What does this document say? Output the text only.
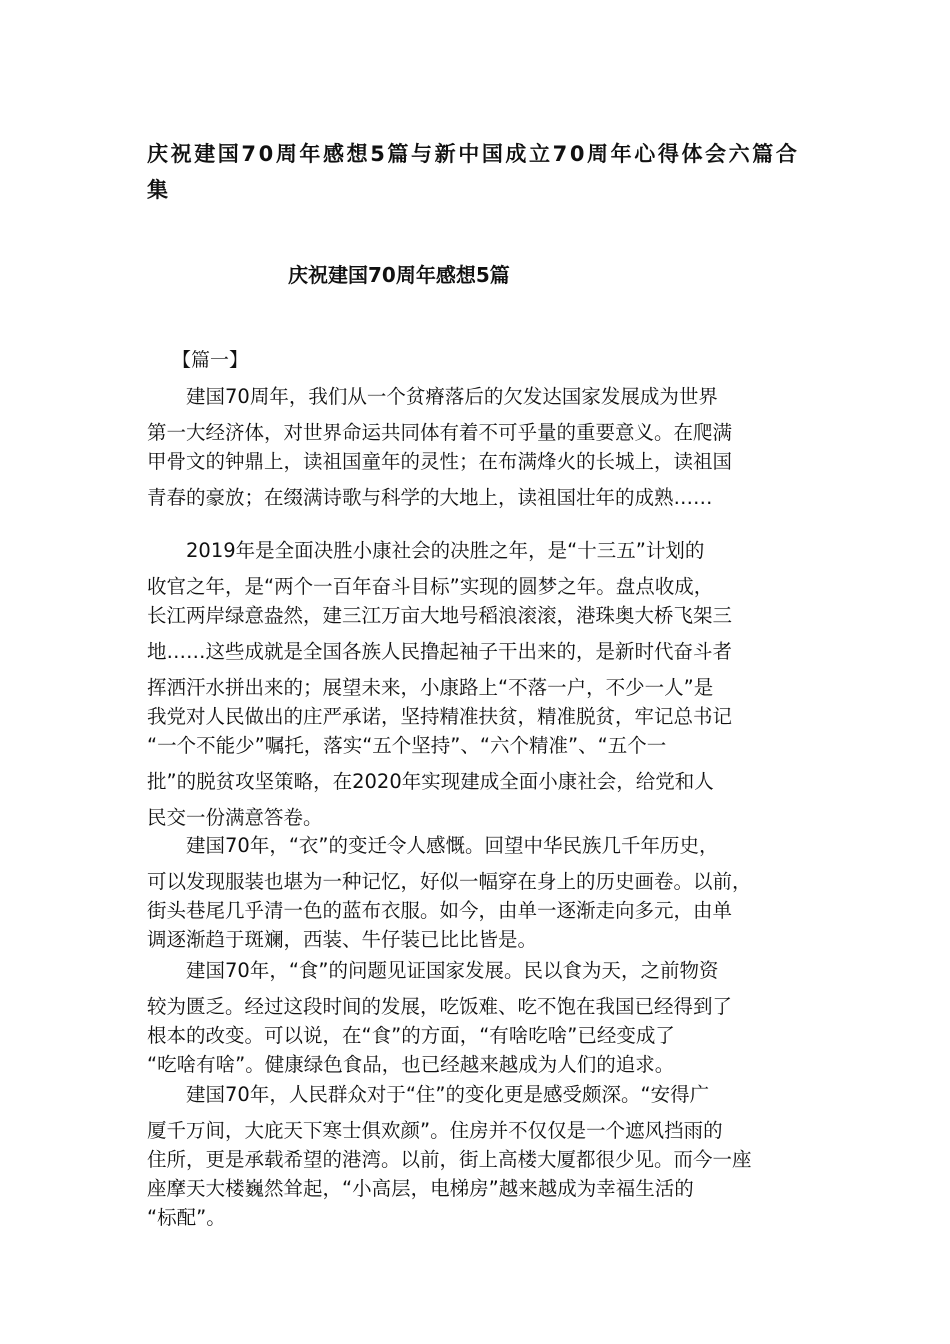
庆祝建国70周年感想5篇与新中国成立70周年心得体会六篇合集
庆祝建国70周年感想5篇
【篇一】

　　建国70周年，我们从一个贫瘠落后的欠发达国家发展成为世界
第一大经济体，对世界命运共同体有着不可乎量的重要意义。在爬满
甲骨文的钟鼎上，读祖国童年的灵性；在布满烽火的长城上，读祖国
青春的豪放；在缀满诗歌与科学的大地上，读祖国壮年的成熟……

　　2019年是全面决胜小康社会的决胜之年，是“十三五”计划的
收官之年，是“两个一百年奋斗目标”实现的圆梦之年。盘点收成，
长江两岸绿意盎然，建三江万亩大地号稻浪滚滚，港珠奥大桥飞架三
地……这些成就是全国各族人民撸起袖子干出来的，是新时代奋斗者
挥洒汗水拼出来的；展望未来，小康路上“不落一户，不少一人”是
我党对人民做出的庄严承诺，坚持精准扶贫，精准脱贫，牢记总书记
“一个不能少”嘱托，落实“五个坚持”、“六个精准”、“五个一
批”的脱贫攻坚策略，在2020年实现建成全面小康社会，给党和人
民交一份满意答卷。

　　建国70年，“衣”的变迁令人感慨。回望中华民族几千年历史，
可以发现服装也堪为一种记忆，好似一幅穿在身上的历史画卷。以前，
街头巷尾几乎清一色的蓝布衣服。如今，由单一逐渐走向多元，由单
调逐渐趋于斑斓，西装、牛仔装已比比皆是。

　　建国70年，“食”的问题见证国家发展。民以食为天，之前物资
较为匮乏。经过这段时间的发展，吃饭难、吃不饱在我国已经得到了
根本的改变。可以说，在“食”的方面，“有啥吃啥”已经变成了
“吃啥有啥”。健康绿色食品，也已经越来越成为人们的追求。

　　建国70年，人民群众对于“住”的变化更是感受颇深。“安得广
厦千万间，大庇天下寒士俱欢颜”。住房并不仅仅是一个遮风挡雨的
住所，更是承载希望的港湾。以前，街上高楼大厦都很少见。而今一座
座摩天大楼巍然耸起，“小高层，电梯房”越来越成为幸福生活的
“标配”。
